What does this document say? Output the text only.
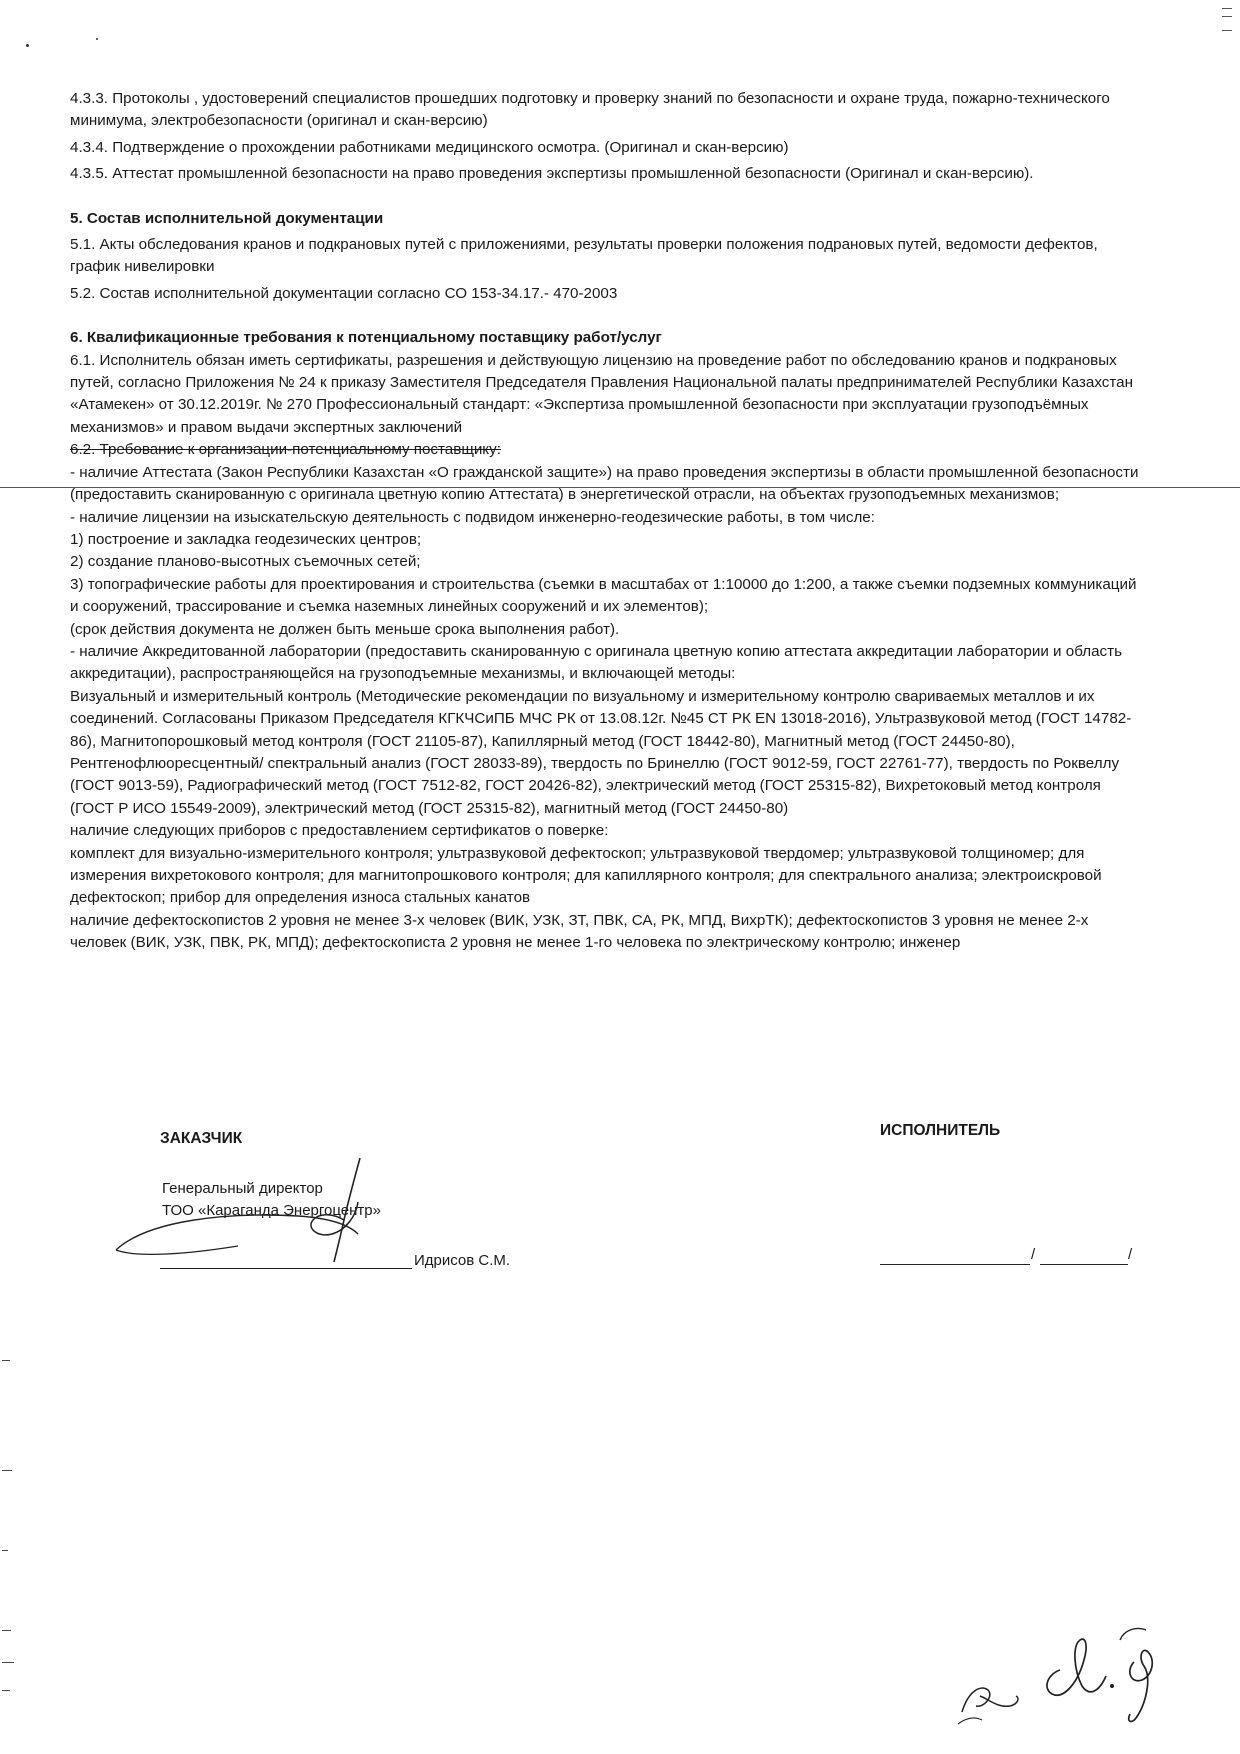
4.3.3. Протоколы , удостоверений специалистов прошедших подготовку и проверку знаний по безопасности и охране труда, пожарно-технического минимума, электробезопасности (оригинал и скан-версию)

4.3.4. Подтверждение о прохождении работниками медицинского осмотра. (Оригинал и скан-версию)

4.3.5. Аттестат промышленной безопасности на право проведения экспертизы промышленной безопасности (Оригинал и скан-версию).

5. Состав исполнительной документации

5.1. Акты обследования кранов и подкрановых путей с приложениями, результаты проверки положения подрановых путей, ведомости дефектов, график нивелировки

5.2. Состав исполнительной документации согласно СО 153-34.17.- 470-2003

6. Квалификационные требования к потенциальному поставщику работ/услуг

6.1. Исполнитель обязан иметь сертификаты, разрешения и действующую лицензию на проведение работ по обследованию кранов и подкрановых путей, согласно Приложения № 24 к приказу Заместителя Председателя Правления Национальной палаты предпринимателей Республики Казахстан «Атамекен» от 30.12.2019г. № 270 Профессиональный стандарт: «Экспертиза промышленной безопасности при эксплуатации грузоподъёмных механизмов» и правом выдачи экспертных заключений

6.2. Требование к организации-потенциальному поставщику:

- наличие Аттестата (Закон Республики Казахстан «О гражданской защите») на право проведения экспертизы в области промышленной безопасности (предоставить сканированную с оригинала цветную копию Аттестата) в энергетической отрасли, на объектах грузоподъемных механизмов;

- наличие лицензии на изыскательскую деятельность с подвидом инженерно-геодезические работы, в том числе:

1) построение и закладка геодезических центров;

2) создание планово-высотных съемочных сетей;

3) топографические работы для проектирования и строительства (съемки в масштабах от 1:10000 до 1:200, а также съемки подземных коммуникаций и сооружений, трассирование и съемка наземных линейных сооружений и их элементов);

(срок действия документа не должен быть меньше срока выполнения работ).

- наличие Аккредитованной лаборатории (предоставить сканированную с оригинала цветную копию аттестата аккредитации лаборатории и область аккредитации), распространяющейся на грузоподъемные механизмы, и включающей методы:

Визуальный и измерительный контроль (Методические рекомендации по визуальному и измерительному контролю свариваемых металлов и их соединений. Согласованы Приказом Председателя КГКЧСиПБ МЧС РК от 13.08.12г. №45 СТ РК EN 13018-2016), Ультразвуковой метод (ГОСТ 14782-86), Магнитопорошковый метод контроля (ГОСТ 21105-87), Капиллярный метод (ГОСТ 18442-80), Магнитный метод (ГОСТ 24450-80), Рентгенофлюоресцентный/ спектральный анализ (ГОСТ 28033-89), твердость по Бринеллю (ГОСТ 9012-59, ГОСТ 22761-77), твердость по Роквеллу (ГОСТ 9013-59), Радиографический метод (ГОСТ 7512-82, ГОСТ 20426-82), электрический метод (ГОСТ 25315-82), Вихретоковый метод контроля (ГОСТ Р ИСО 15549-2009), электрический метод (ГОСТ 25315-82), магнитный метод (ГОСТ 24450-80)

наличие следующих приборов с предоставлением сертификатов о поверке:

комплект для визуально-измерительного контроля; ультразвуковой дефектоскоп; ультразвуковой твердомер; ультразвуковой толщиномер; для измерения вихретокового контроля; для магнитопрошкового контроля; для капиллярного контроля; для спектрального анализа; электроискровой дефектоскоп; прибор для определения износа стальных канатов

наличие дефектоскопистов 2 уровня не менее 3-х человек (ВИК, УЗК, ЗТ, ПВК, СА, РК, МПД, ВихрТК); дефектоскопистов 3 уровня не менее 2-х человек (ВИК, УЗК, ПВК, РК, МПД); дефектоскописта 2 уровня не менее 1-го человека по электрическому контролю; инженер

ЗАКАЗЧИК
Генеральный директор
ТОО «Караганда Энергоцентр»
Идрисов С.М.
ИСПОЛНИТЕЛЬ
/	/
